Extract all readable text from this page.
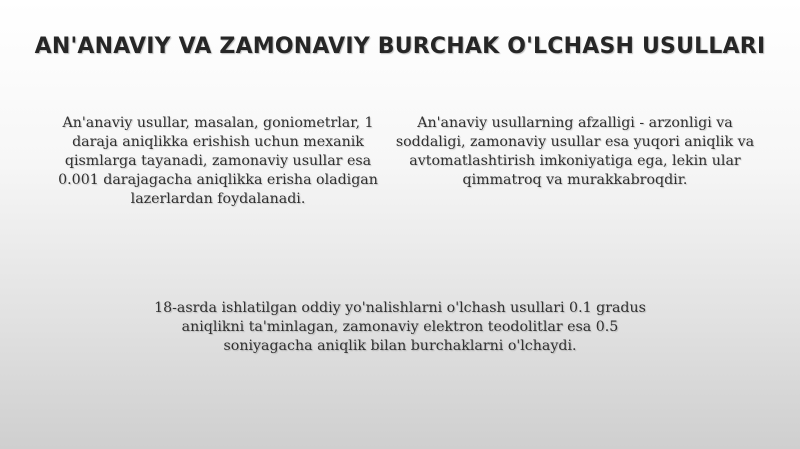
AN'ANAVIY VA ZAMONAVIY BURCHAK O'LCHASH USULLARI
An'anaviy usullar, masalan, goniometrlar, 1 daraja aniqlikka erishish uchun mexanik qismlarga tayanadi, zamonaviy usullar esa 0.001 darajagacha aniqlikka erisha oladigan lazerlardan foydalanadi.
An'anaviy usullarning afzalligi - arzonligi va soddaligi, zamonaviy usullar esa yuqori aniqlik va avtomatlashtirish imkoniyatiga ega, lekin ular qimmatroq va murakkabroqdir.
18-asrda ishlatilgan oddiy yo'nalishlarni o'lchash usullari 0.1 gradus aniqlikni ta'minlagan, zamonaviy elektron teodolitlar esa 0.5 soniyagacha aniqlik bilan burchaklarni o'lchaydi.
